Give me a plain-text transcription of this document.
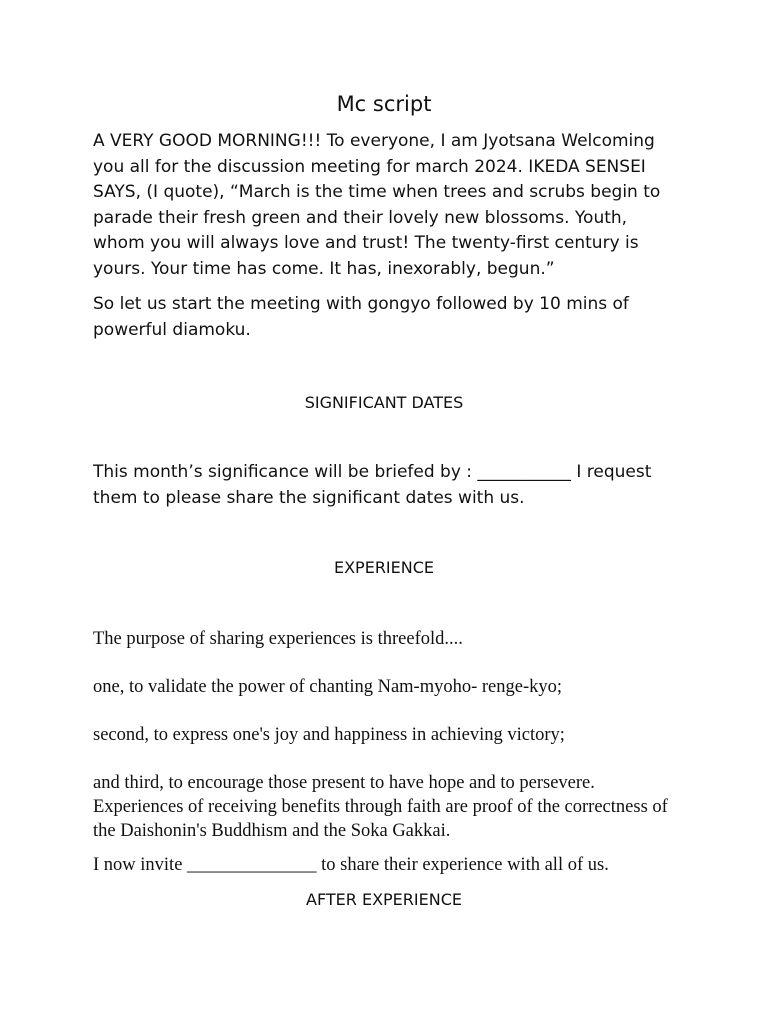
Mc script

A VERY GOOD MORNING!!! To everyone, I am Jyotsana Welcoming you all for the discussion meeting for march 2024. IKEDA SENSEI SAYS, (I quote), “March is the time when trees and scrubs begin to parade their fresh green and their lovely new blossoms. Youth, whom you will always love and trust! The twenty-first century is yours. Your time has come. It has, inexorably, begun.”

So let us start the meeting with gongyo followed by 10 mins of powerful diamoku.

SIGNIFICANT DATES

This month’s significance will be briefed by : ___________ I request them to please share the significant dates with us.

EXPERIENCE

The purpose of sharing experiences is threefold....

one, to validate the power of chanting Nam-myoho- renge-kyo;

second, to express one's joy and happiness in achieving victory;

and third, to encourage those present to have hope and to persevere. Experiences of receiving benefits through faith are proof of the correctness of the Daishonin's Buddhism and the Soka Gakkai.

I now invite ______________ to share their experience with all of us.

AFTER EXPERIENCE
